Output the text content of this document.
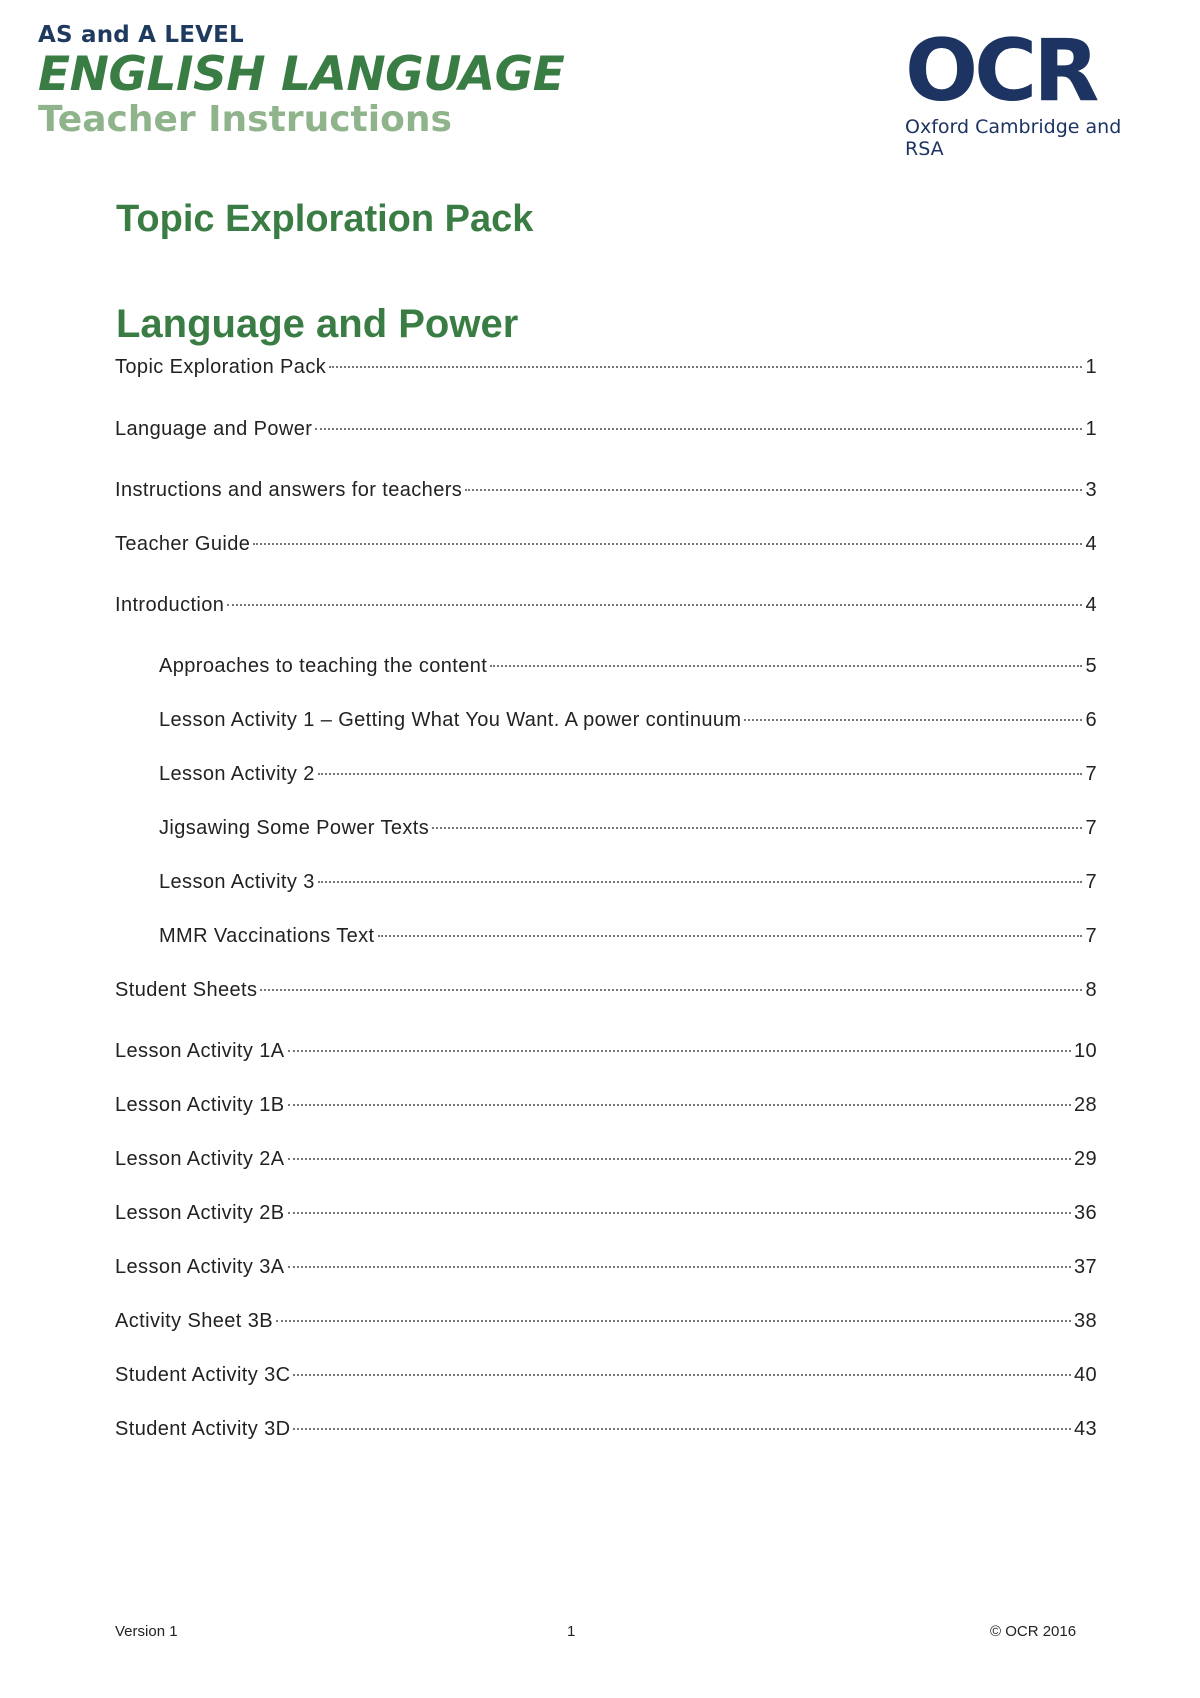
AS and A LEVEL
ENGLISH LANGUAGE
Teacher Instructions	OCR
Oxford Cambridge and RSA
Topic Exploration Pack
Language and Power
Topic Exploration Pack	1
Language and Power	1
Instructions and answers for teachers	3
Teacher Guide	4
Introduction	4
Approaches to teaching the content	5
Lesson Activity 1 – Getting What You Want. A power continuum	6
Lesson Activity 2	7
Jigsawing Some Power Texts	7
Lesson Activity 3	7
MMR Vaccinations Text	7
Student Sheets	8
Lesson Activity 1A	10
Lesson Activity 1B	28
Lesson Activity 2A	29
Lesson Activity 2B	36
Lesson Activity 3A	37
Activity Sheet 3B	38
Student Activity 3C	40
Student Activity 3D	43
Version 1	1	© OCR 2016
